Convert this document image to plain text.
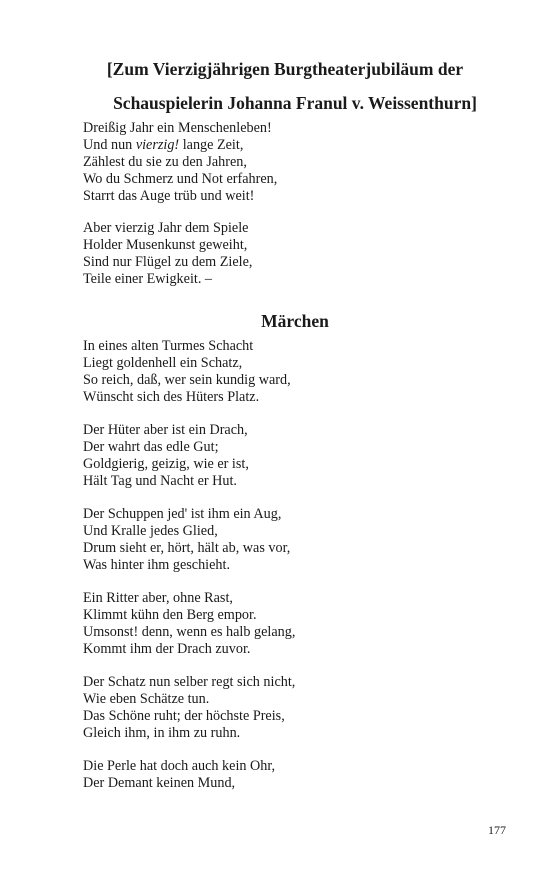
[Zum Vierzigjährigen Burgtheaterjubiläum der
Schauspielerin Johanna Franul v. Weissenthurn]
Dreißig Jahr ein Menschenleben!
Und nun vierzig! lange Zeit,
Zählest du sie zu den Jahren,
Wo du Schmerz und Not erfahren,
Starrt das Auge trüb und weit!
Aber vierzig Jahr dem Spiele
Holder Musenkunst geweiht,
Sind nur Flügel zu dem Ziele,
Teile einer Ewigkeit. –
Märchen
In eines alten Turmes Schacht
Liegt goldenhell ein Schatz,
So reich, daß, wer sein kundig ward,
Wünscht sich des Hüters Platz.
Der Hüter aber ist ein Drach,
Der wahrt das edle Gut;
Goldgierig, geizig, wie er ist,
Hält Tag und Nacht er Hut.
Der Schuppen jed' ist ihm ein Aug,
Und Kralle jedes Glied,
Drum sieht er, hört, hält ab, was vor,
Was hinter ihm geschieht.
Ein Ritter aber, ohne Rast,
Klimmt kühn den Berg empor.
Umsonst! denn, wenn es halb gelang,
Kommt ihm der Drach zuvor.
Der Schatz nun selber regt sich nicht,
Wie eben Schätze tun.
Das Schöne ruht; der höchste Preis,
Gleich ihm, in ihm zu ruhn.
Die Perle hat doch auch kein Ohr,
Der Demant keinen Mund,
177
